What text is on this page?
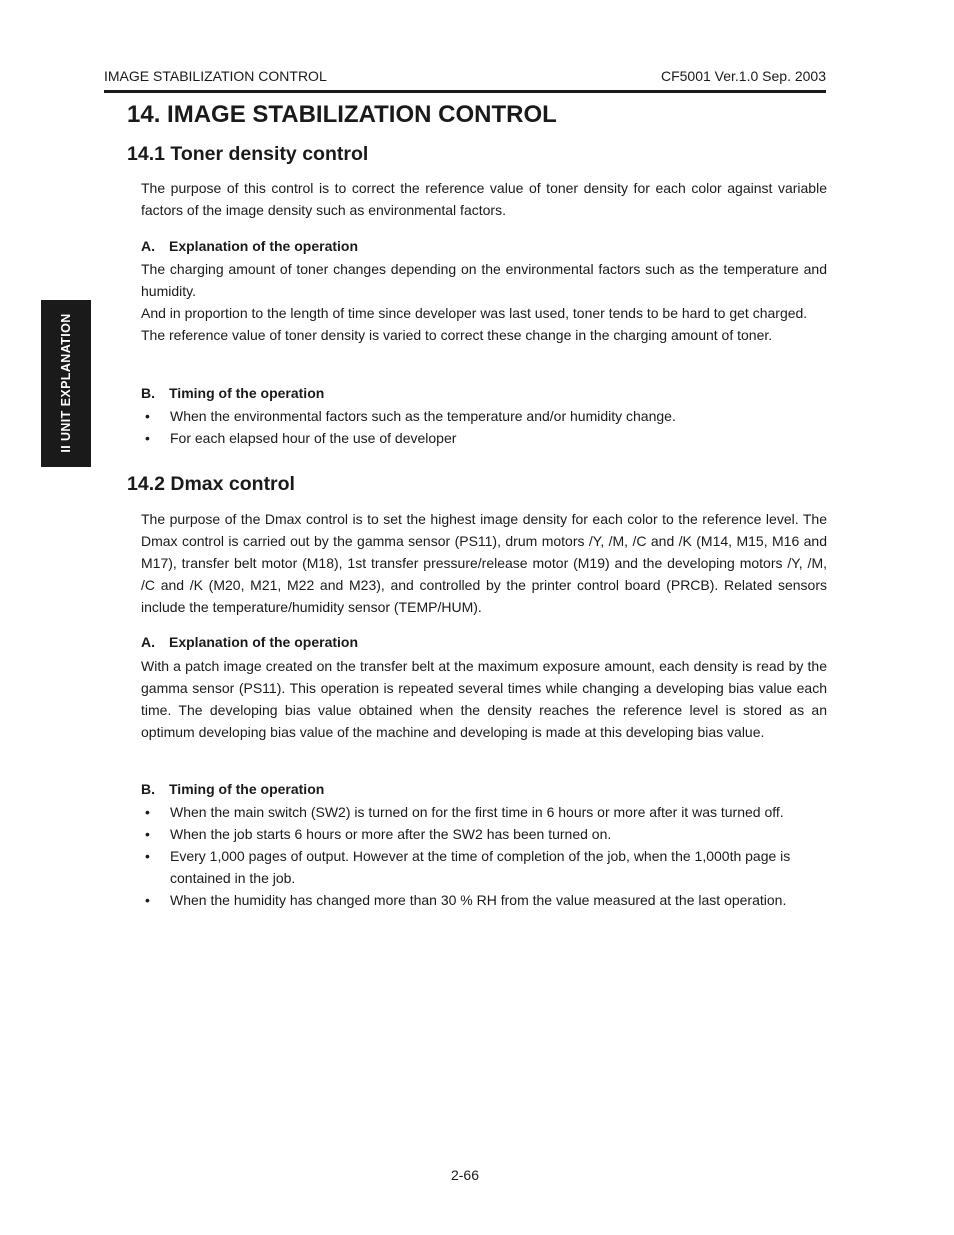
IMAGE STABILIZATION CONTROL	CF5001 Ver.1.0 Sep. 2003
II UNIT EXPLANATION
14. IMAGE STABILIZATION CONTROL
14.1 Toner density control

The purpose of this control is to correct the reference value of toner density for each color against variable factors of the image density such as environmental factors.

A. Explanation of the operation
The charging amount of toner changes depending on the environmental factors such as the temperature and humidity.
And in proportion to the length of time since developer was last used, toner tends to be hard to get charged.
The reference value of toner density is varied to correct these change in the charging amount of toner.
B. Timing of the operation
• When the environmental factors such as the temperature and/or humidity change.
• For each elapsed hour of the use of developer
14.2 Dmax control

The purpose of the Dmax control is to set the highest image density for each color to the reference level. The Dmax control is carried out by the gamma sensor (PS11), drum motors /Y, /M, /C and /K (M14, M15, M16 and M17), transfer belt motor (M18), 1st transfer pressure/release motor (M19) and the developing motors /Y, /M, /C and /K (M20, M21, M22 and M23), and controlled by the printer control board (PRCB). Related sensors include the temperature/humidity sensor (TEMP/HUM).

A. Explanation of the operation

With a patch image created on the transfer belt at the maximum exposure amount, each density is read by the gamma sensor (PS11). This operation is repeated several times while changing a developing bias value each time. The developing bias value obtained when the density reaches the reference level is stored as an optimum developing bias value of the machine and developing is made at this developing bias value.

B. Timing of the operation
• When the main switch (SW2) is turned on for the first time in 6 hours or more after it was turned off.
• When the job starts 6 hours or more after the SW2 has been turned on.
• Every 1,000 pages of output. However at the time of completion of the job, when the 1,000th page is contained in the job.
• When the humidity has changed more than 30 % RH from the value measured at the last operation.
2-66
